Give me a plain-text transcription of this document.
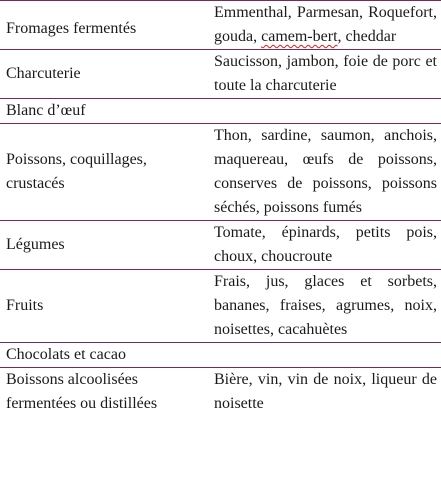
Fromages fermentés	Emmenthal, Parmesan, Roquefort, gouda, camem-bert, cheddar
Charcuterie	Saucisson, jambon, foie de porc et toute la charcuterie
Blanc d’œuf	
Poissons, coquillages, crustacés	Thon, sardine, saumon, anchois, maquereau, œufs de poissons, conserves de poissons, poissons séchés, poissons fumés
Légumes	Tomate, épinards, petits pois, choux, choucroute
Fruits	Frais, jus, glaces et sorbets, bananes, fraises, agrumes, noix, noisettes, cacahuètes
Chocolats et cacao	
Boissons alcoolisées fermentées ou distillées	Bière, vin, vin de noix, liqueur de noisette
